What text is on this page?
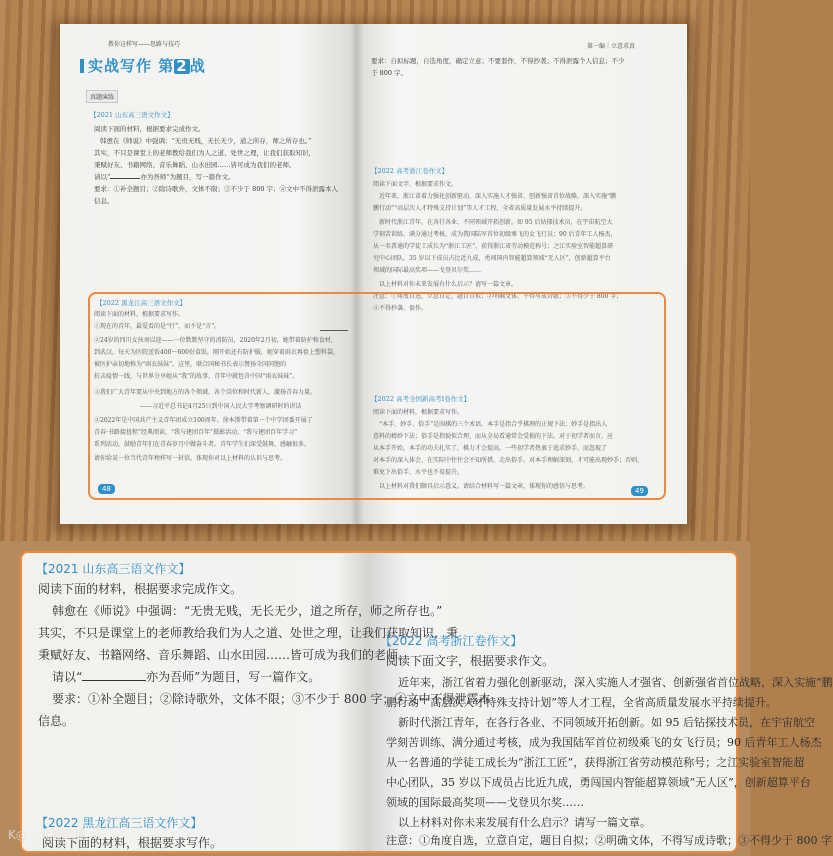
教你这样写——思路与技巧
实战写作 第 2 战
真题演练
【2021 山东高三语文作文】
阅读下面的材料，根据要求完成作文。
韩愈在《师说》中强调：“无贵无贱，无长无少，道之所存，师之所存也。”
其实，不只是课堂上的老师教给我们为人之道、处世之理，让我们获取知识，
秉赋好友、书籍网络、音乐舞蹈、山水田园……皆可成为我们的老师。
请以“	亦为吾师”为题目，写一篇作文。
要求：①补全题目；②除诗歌外，文体不限；③不少于 800 字；④文中不得泄露本人
信息。
【2022 黑龙江高三语文作文】
阅读下面的材料，根据要求写作。
①现在的青年，最爱看的是“行”，而不是“言”。
②24岁的四川女孩刘以迎——一位默默坚守的消防员，2020年2月初，她带着防护和食材，
到武汉，每天为医院送饭400～600份盒饭，刚开始还有防护服，她穿着雨衣再套上塑料袋，
被医护亲切地称为“雨衣妹妹”。这里，联合国秘书长表示赞扬全国同胞的
抗击疫情一线，与世界分享她从“我”的故事，青年中就包含中国“雨衣妹妹”。
③我们广大青年要从中央到地方的各个领域、各个岗位和时代新人，激扬青春力量。
——习近平总书记4月25日到中国人民大学考察调研时的讲话
④2022年是中国共产主义青年团成立100周年。徐本斯带着第一个中学团委开展了
青春·书路接扭程”经典阅读，“我与建团百年”摄影活动，“我与建团百年学习”
系列活动，鼓励青年们在青春岁月中做奋斗者。青年学生们深受鼓舞，感触很多。
请你给某一位当代青年榜样写一封信，体现你对以上材料的认识与思考。
48
第一编｜立意求真
要求：自拟标题，自选角度，确定立意；不要套作，不得抄袭；不得泄露个人信息；不少
于 800 字。
【2022 高考浙江卷作文】
阅读下面文字，根据要求作文。
近年来，浙江省着力强化创新驱动，深入实施人才强省、创新强省首位战略，深入实施“鹏
鹏行动”“高层次人才特殊支持计划”等人才工程，全省高质量发展水平持续提升。
新时代浙江青年，在各行各业、不同领域开拓创新。如 95 后钻探技术员，在宇宙航空大
学刻苦训练、满分通过考核，成为我国陆军首位初级乘飞的女飞行员；90 后青年工人杨杰，
从一名普通的学徒工成长为“浙江工匠”，获得浙江省劳动模范称号；之江实验室智能超算研
究中心团队，35 岁以下成员占比近九成，勇闯国内智能超算领域“无人区”，创新超算平台
领域的国际最高奖项——戈登贝尔奖……
以上材料对你未来发展有什么启示？请写一篇文章。
注意：①角度自选，立意自定，题目自拟；②明确文体，不得写成诗歌；③不得少于 800 字；
④不得抄袭、套作。
【2022 高考全国新高考Ⅰ卷作文】
阅读下面的材料，根据要求写作。
“本手、妙手、俗手”是围棋的三个术语。本手是指合乎棋理的正规下法；妙手是指出人
意料的精妙下法；俗手是指貌似合理，而从全局看通常会受损的下法。对于初学者而言，应
从本手开始，本手的功夫扎实了，棋力才会提高。一些初学者热衷于追求妙手，而忽视了
对本手的深入体会，在实际中往往会不知所措，走出俗手。对本手理解深刻，才可能出现妙手；否则，
难免下出俗手，水平也不易提升。
以上材料对我们颇具启示意义。请结合材料写一篇文章，体现你的感悟与思考。
49
【2021 山东高三语文作文】
阅读下面的材料，根据要求完成作文。
韩愈在《师说》中强调：“无贵无贱，无长无少，道之所存，师之所存也。”
其实，不只是课堂上的老师教给我们为人之道、处世之理，让我们获取知识，秉
秉赋好友、书籍网络、音乐舞蹈、山水田园……皆可成为我们的老师。
请以“	亦为吾师”为题目，写一篇作文。
要求：①补全题目；②除诗歌外，文体不限；③不少于 800 字；④文中不得泄露本
信息。
【2022 黑龙江高三语文作文】
阅读下面的材料，根据要求写作。
【2022 高考浙江卷作文】
阅读下面文字，根据要求作文。
近年来，浙江省着力强化创新驱动，深入实施人才强省、创新强省首位战略，深入实施“鹏
鹏行动”“高层次人才特殊支持计划”等人才工程，全省高质量发展水平持续提升。
新时代浙江青年，在各行各业、不同领域开拓创新。如 95 后钻探技术员，在宇宙航空
学刻苦训练、满分通过考核，成为我国陆军首位初级乘飞的女飞行员；90 后青年工人杨杰
从一名普通的学徒工成长为“浙江工匠”，获得浙江省劳动模范称号；之江实验室智能超
中心团队，35 岁以下成员占比近九成，勇闯国内智能超算领域“无人区”，创新超算平台
领域的国际最高奖项——戈登贝尔奖……
以上材料对你未来发展有什么启示？请写一篇文章。
注意：①角度自选，立意自定，题目自拟；②明确文体，不得写成诗歌；③不得少于 800 字
K◎一大誠跨境
